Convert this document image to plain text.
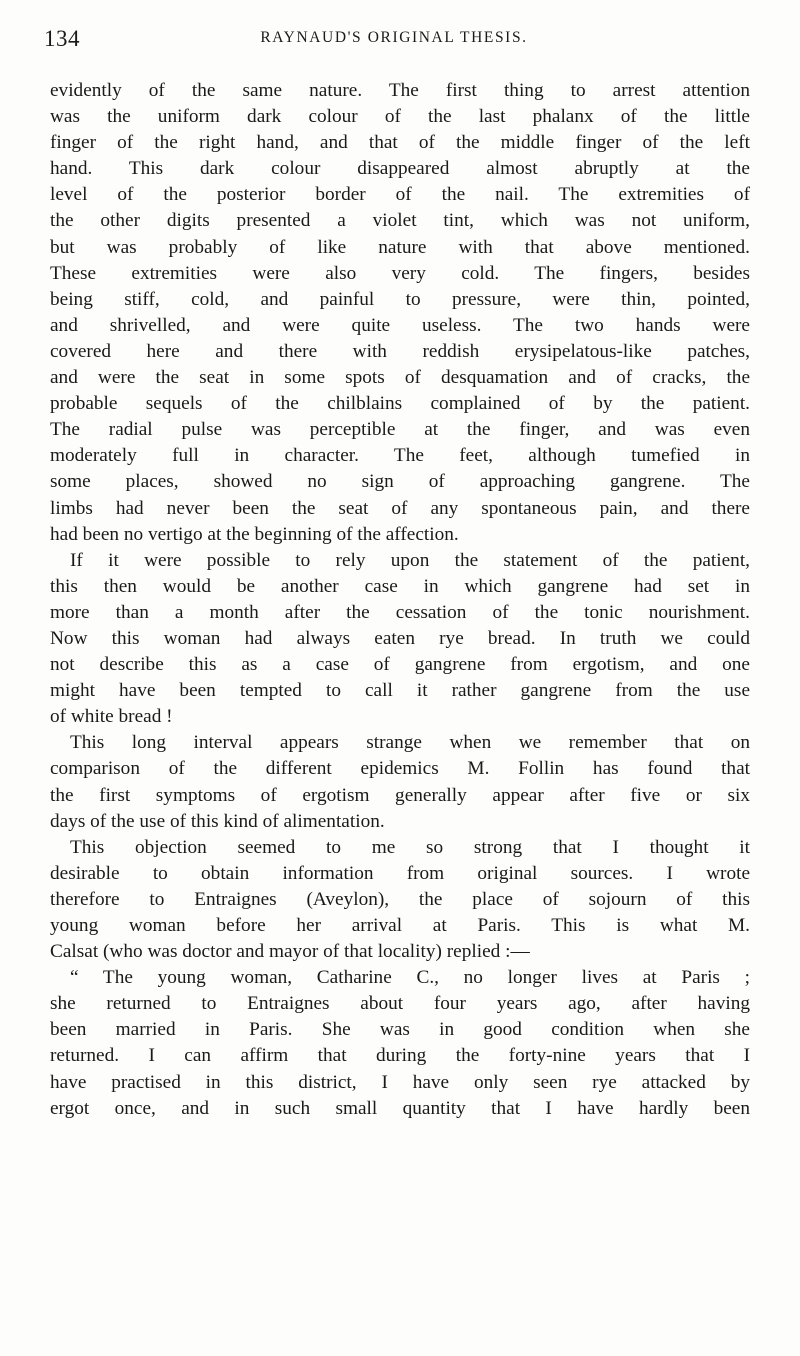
134	RAYNAUD'S ORIGINAL THESIS.
evidently of the same nature. The first thing to arrest attention
was the uniform dark colour of the last phalanx of the little
finger of the right hand, and that of the middle finger of the left
hand. This dark colour disappeared almost abruptly at the
level of the posterior border of the nail. The extremities of
the other digits presented a violet tint, which was not uniform,
but was probably of like nature with that above mentioned.
These extremities were also very cold. The fingers, besides
being stiff, cold, and painful to pressure, were thin, pointed,
and shrivelled, and were quite useless. The two hands were
covered here and there with reddish erysipelatous-like patches,
and were the seat in some spots of desquamation and of cracks, the
probable sequels of the chilblains complained of by the patient.
The radial pulse was perceptible at the finger, and was even
moderately full in character. The feet, although tumefied in
some places, showed no sign of approaching gangrene. The
limbs had never been the seat of any spontaneous pain, and there
had been no vertigo at the beginning of the affection.
If it were possible to rely upon the statement of the patient,
this then would be another case in which gangrene had set in
more than a month after the cessation of the tonic nourishment.
Now this woman had always eaten rye bread. In truth we could
not describe this as a case of gangrene from ergotism, and one
might have been tempted to call it rather gangrene from the use
of white bread !
This long interval appears strange when we remember that on
comparison of the different epidemics M. Follin has found that
the first symptoms of ergotism generally appear after five or six
days of the use of this kind of alimentation.
This objection seemed to me so strong that I thought it
desirable to obtain information from original sources. I wrote
therefore to Entraignes (Aveylon), the place of sojourn of this
young woman before her arrival at Paris. This is what M.
Calsat (who was doctor and mayor of that locality) replied :—
“ The young woman, Catharine C., no longer lives at Paris ;
she returned to Entraignes about four years ago, after having
been married in Paris. She was in good condition when she
returned. I can affirm that during the forty-nine years that I
have practised in this district, I have only seen rye attacked by
ergot once, and in such small quantity that I have hardly been
